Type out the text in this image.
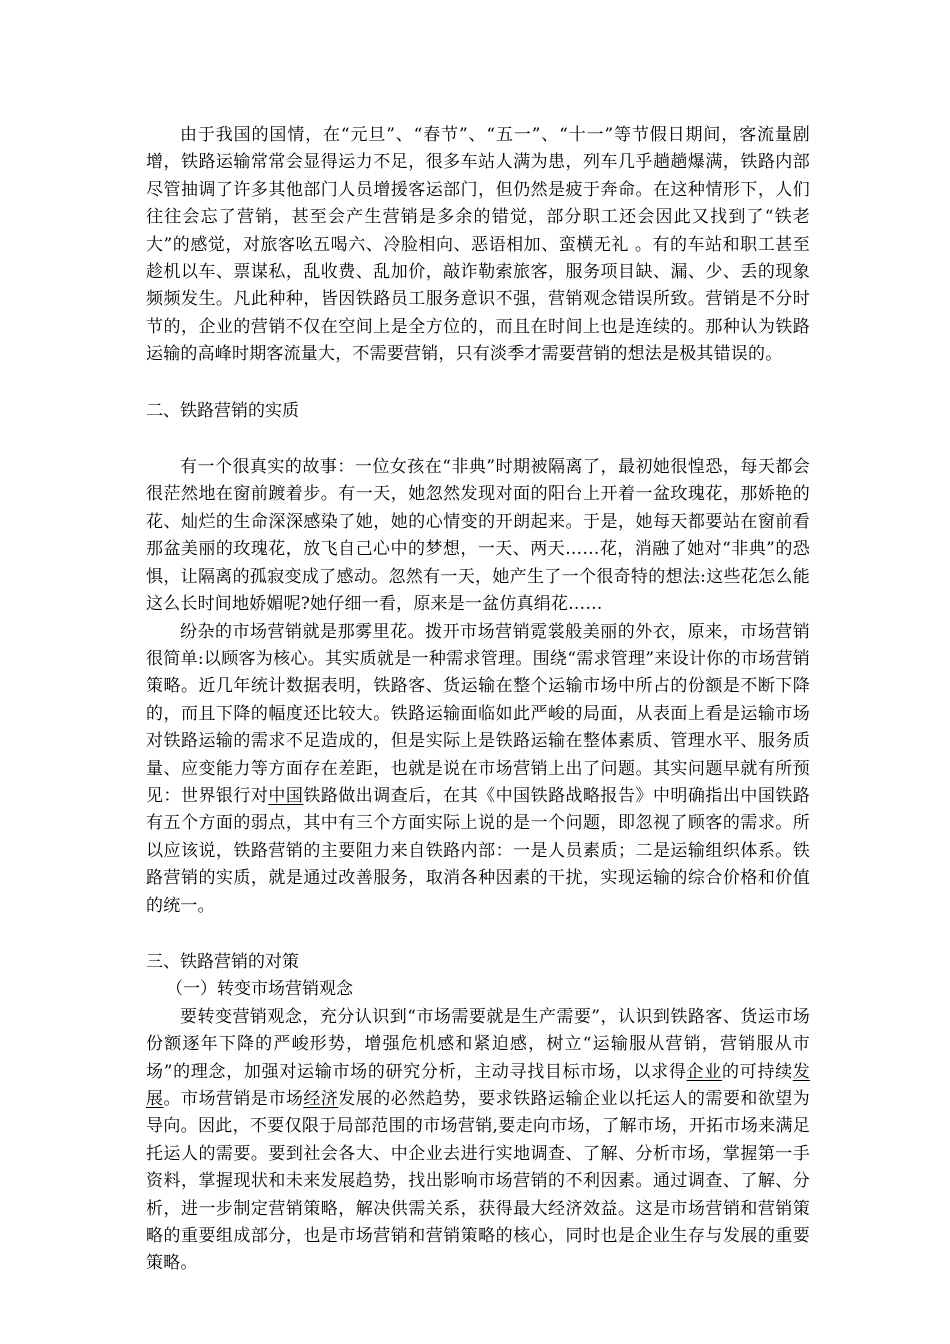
由于我国的国情，在“元旦”、“春节”、“五一”、“十一”等节假日期间，客流量剧增，铁路运输常常会显得运力不足，很多车站人满为患，列车几乎趟趟爆满，铁路内部尽管抽调了许多其他部门人员增援客运部门，但仍然是疲于奔命。在这种情形下，人们往往会忘了营销，甚至会产生营销是多余的错觉，部分职工还会因此又找到了“铁老大”的感觉，对旅客吆五喝六、冷脸相向、恶语相加、蛮横无礼 。有的车站和职工甚至趁机以车、票谋私，乱收费、乱加价，敲诈勒索旅客，服务项目缺、漏、少、丢的现象频频发生。凡此种种，皆因铁路员工服务意识不强，营销观念错误所致。营销是不分时节的，企业的营销不仅在空间上是全方位的，而且在时间上也是连续的。那种认为铁路运输的高峰时期客流量大，不需要营销，只有淡季才需要营销的想法是极其错误的。

二、铁路营销的实质

有一个很真实的故事：一位女孩在“非典”时期被隔离了，最初她很惶恐，每天都会很茫然地在窗前踱着步。有一天，她忽然发现对面的阳台上开着一盆玫瑰花，那娇艳的花、灿烂的生命深深感染了她，她的心情变的开朗起来。于是，她每天都要站在窗前看那盆美丽的玫瑰花，放飞自己心中的梦想，一天、两天……花，消融了她对“非典”的恐惧，让隔离的孤寂变成了感动。忽然有一天，她产生了一个很奇特的想法:这些花怎么能这么长时间地娇媚呢?她仔细一看，原来是一盆仿真绢花……

纷杂的市场营销就是那雾里花。拨开市场营销霓裳般美丽的外衣，原来，市场营销很简单:以顾客为核心。其实质就是一种需求管理。围绕“需求管理”来设计你的市场营销策略。近几年统计数据表明，铁路客、货运输在整个运输市场中所占的份额是不断下降的，而且下降的幅度还比较大。铁路运输面临如此严峻的局面，从表面上看是运输市场对铁路运输的需求不足造成的，但是实际上是铁路运输在整体素质、管理水平、服务质量、应变能力等方面存在差距，也就是说在市场营销上出了问题。其实问题早就有所预见：世界银行对中国铁路做出调查后，在其《中国铁路战略报告》中明确指出中国铁路有五个方面的弱点，其中有三个方面实际上说的是一个问题，即忽视了顾客的需求。所以应该说，铁路营销的主要阻力来自铁路内部：一是人员素质；二是运输组织体系。铁路营销的实质，就是通过改善服务，取消各种因素的干扰，实现运输的综合价格和价值的统一。

三、铁路营销的对策

（一）转变市场营销观念

要转变营销观念，充分认识到“市场需要就是生产需要”，认识到铁路客、货运市场份额逐年下降的严峻形势，增强危机感和紧迫感，树立“运输服从营销，营销服从市场”的理念，加强对运输市场的研究分析，主动寻找目标市场，以求得企业的可持续发展。市场营销是市场经济发展的必然趋势，要求铁路运输企业以托运人的需要和欲望为导向。因此，不要仅限于局部范围的市场营销,要走向市场，了解市场，开拓市场来满足托运人的需要。要到社会各大、中企业去进行实地调查、了解、分析市场，掌握第一手资料，掌握现状和未来发展趋势，找出影响市场营销的不利因素。通过调查、了解、分析，进一步制定营销策略，解决供需关系，获得最大经济效益。这是市场营销和营销策略的重要组成部分，也是市场营销和营销策略的核心，同时也是企业生存与发展的重要策略。
